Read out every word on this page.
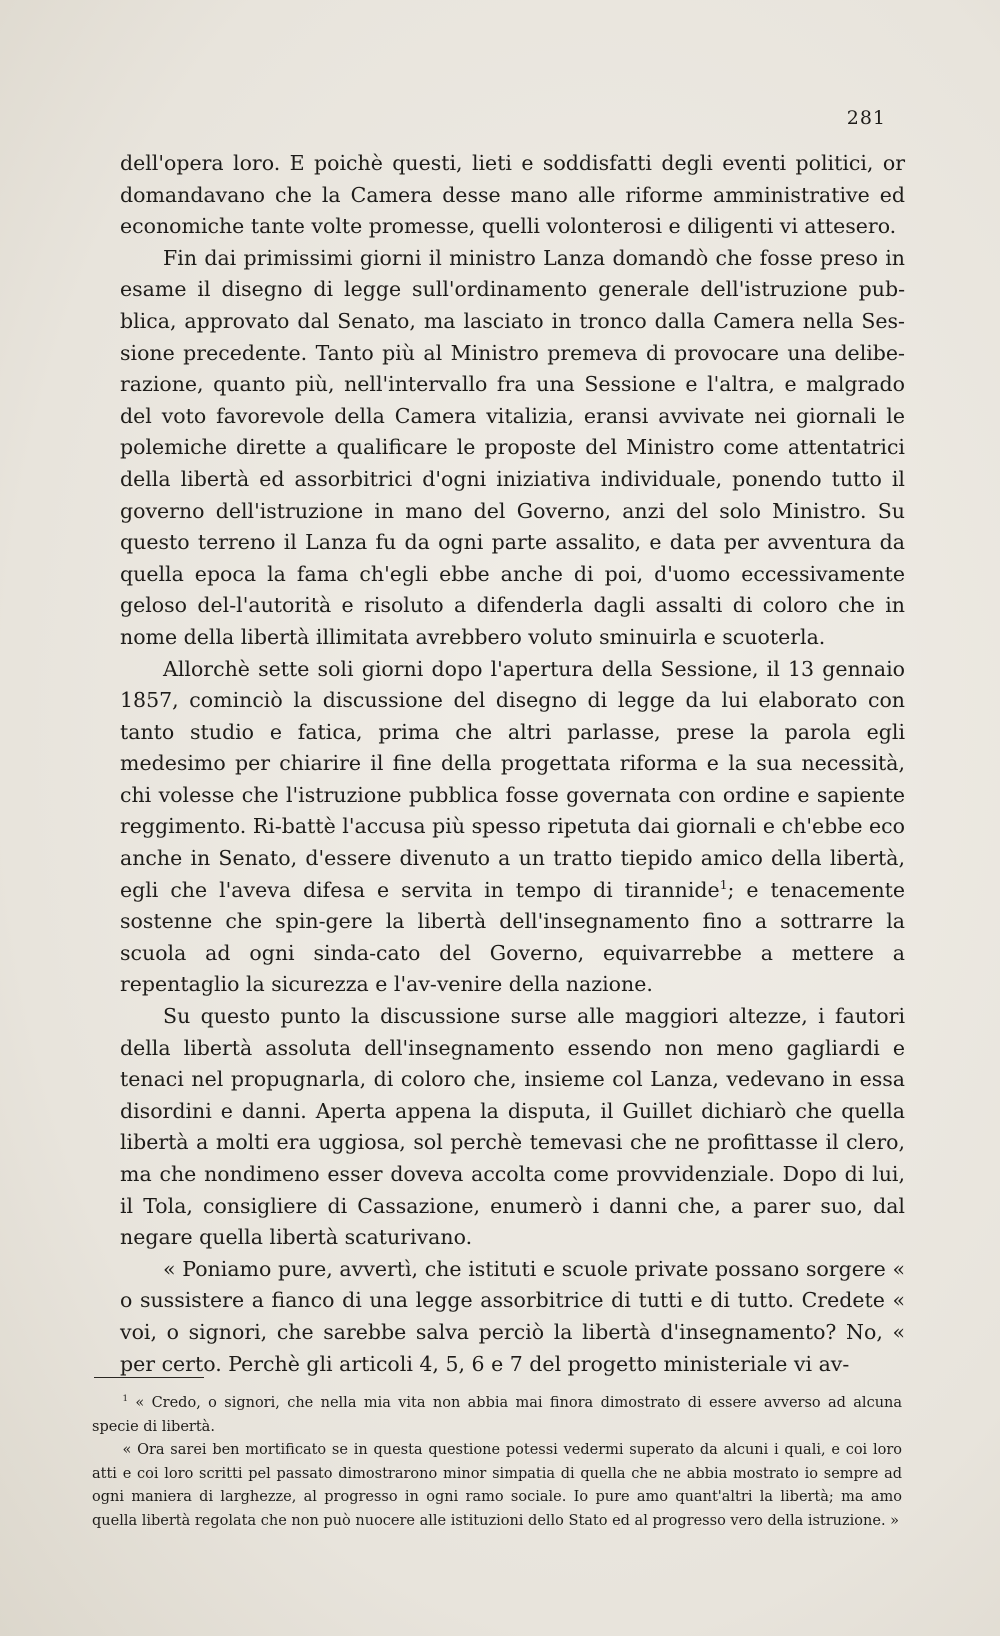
281

dell'opera loro. E poichè questi, lieti e soddisfatti degli eventi politici, or domandavano che la Camera desse mano alle riforme amministrative ed economiche tante volte promesse, quelli volonterosi e diligenti vi attesero.

Fin dai primissimi giorni il ministro Lanza domandò che fosse preso in esame il disegno di legge sull'ordinamento generale dell'istruzione pub-blica, approvato dal Senato, ma lasciato in tronco dalla Camera nella Ses-sione precedente. Tanto più al Ministro premeva di provocare una delibe-razione, quanto più, nell'intervallo fra una Sessione e l'altra, e malgrado del voto favorevole della Camera vitalizia, eransi avvivate nei giornali le polemiche dirette a qualificare le proposte del Ministro come attentatrici della libertà ed assorbitrici d'ogni iniziativa individuale, ponendo tutto il governo dell'istruzione in mano del Governo, anzi del solo Ministro. Su questo terreno il Lanza fu da ogni parte assalito, e data per avventura da quella epoca la fama ch'egli ebbe anche di poi, d'uomo eccessivamente geloso del-l'autorità e risoluto a difenderla dagli assalti di coloro che in nome della libertà illimitata avrebbero voluto sminuirla e scuoterla.

Allorchè sette soli giorni dopo l'apertura della Sessione, il 13 gennaio 1857, cominciò la discussione del disegno di legge da lui elaborato con tanto studio e fatica, prima che altri parlasse, prese la parola egli medesimo per chiarire il fine della progettata riforma e la sua necessità, chi volesse che l'istruzione pubblica fosse governata con ordine e sapiente reggimento. Ri-battè l'accusa più spesso ripetuta dai giornali e ch'ebbe eco anche in Senato, d'essere divenuto a un tratto tiepido amico della libertà, egli che l'aveva difesa e servita in tempo di tirannide$^1$; e tenacemente sostenne che spin-gere la libertà dell'insegnamento fino a sottrarre la scuola ad ogni sinda-cato del Governo, equivarrebbe a mettere a repentaglio la sicurezza e l'av-venire della nazione.

Su questo punto la discussione surse alle maggiori altezze, i fautori della libertà assoluta dell'insegnamento essendo non meno gagliardi e tenaci nel propugnarla, di coloro che, insieme col Lanza, vedevano in essa disordini e danni. Aperta appena la disputa, il Guillet dichiarò che quella libertà a molti era uggiosa, sol perchè temevasi che ne profittasse il clero, ma che nondimeno esser doveva accolta come provvidenziale. Dopo di lui, il Tola, consigliere di Cassazione, enumerò i danni che, a parer suo, dal negare quella libertà scaturivano.

« Poniamo pure, avvertì, che istituti e scuole private possano sorgere « o sussistere a fianco di una legge assorbitrice di tutti e di tutto. Credete « voi, o signori, che sarebbe salva perciò la libertà d'insegnamento? No, « per certo. Perchè gli articoli 4, 5, 6 e 7 del progetto ministeriale vi av-

$^1$ « Credo, o signori, che nella mia vita non abbia mai finora dimostrato di essere avverso ad alcuna specie di libertà.

« Ora sarei ben mortificato se in questa questione potessi vedermi superato da alcuni i quali, e coi loro atti e coi loro scritti pel passato dimostrarono minor simpatia di quella che ne abbia mostrato io sempre ad ogni maniera di larghezze, al progresso in ogni ramo sociale. Io pure amo quant'altri la libertà; ma amo quella libertà regolata che non può nuocere alle istituzioni dello Stato ed al progresso vero della istruzione. »
